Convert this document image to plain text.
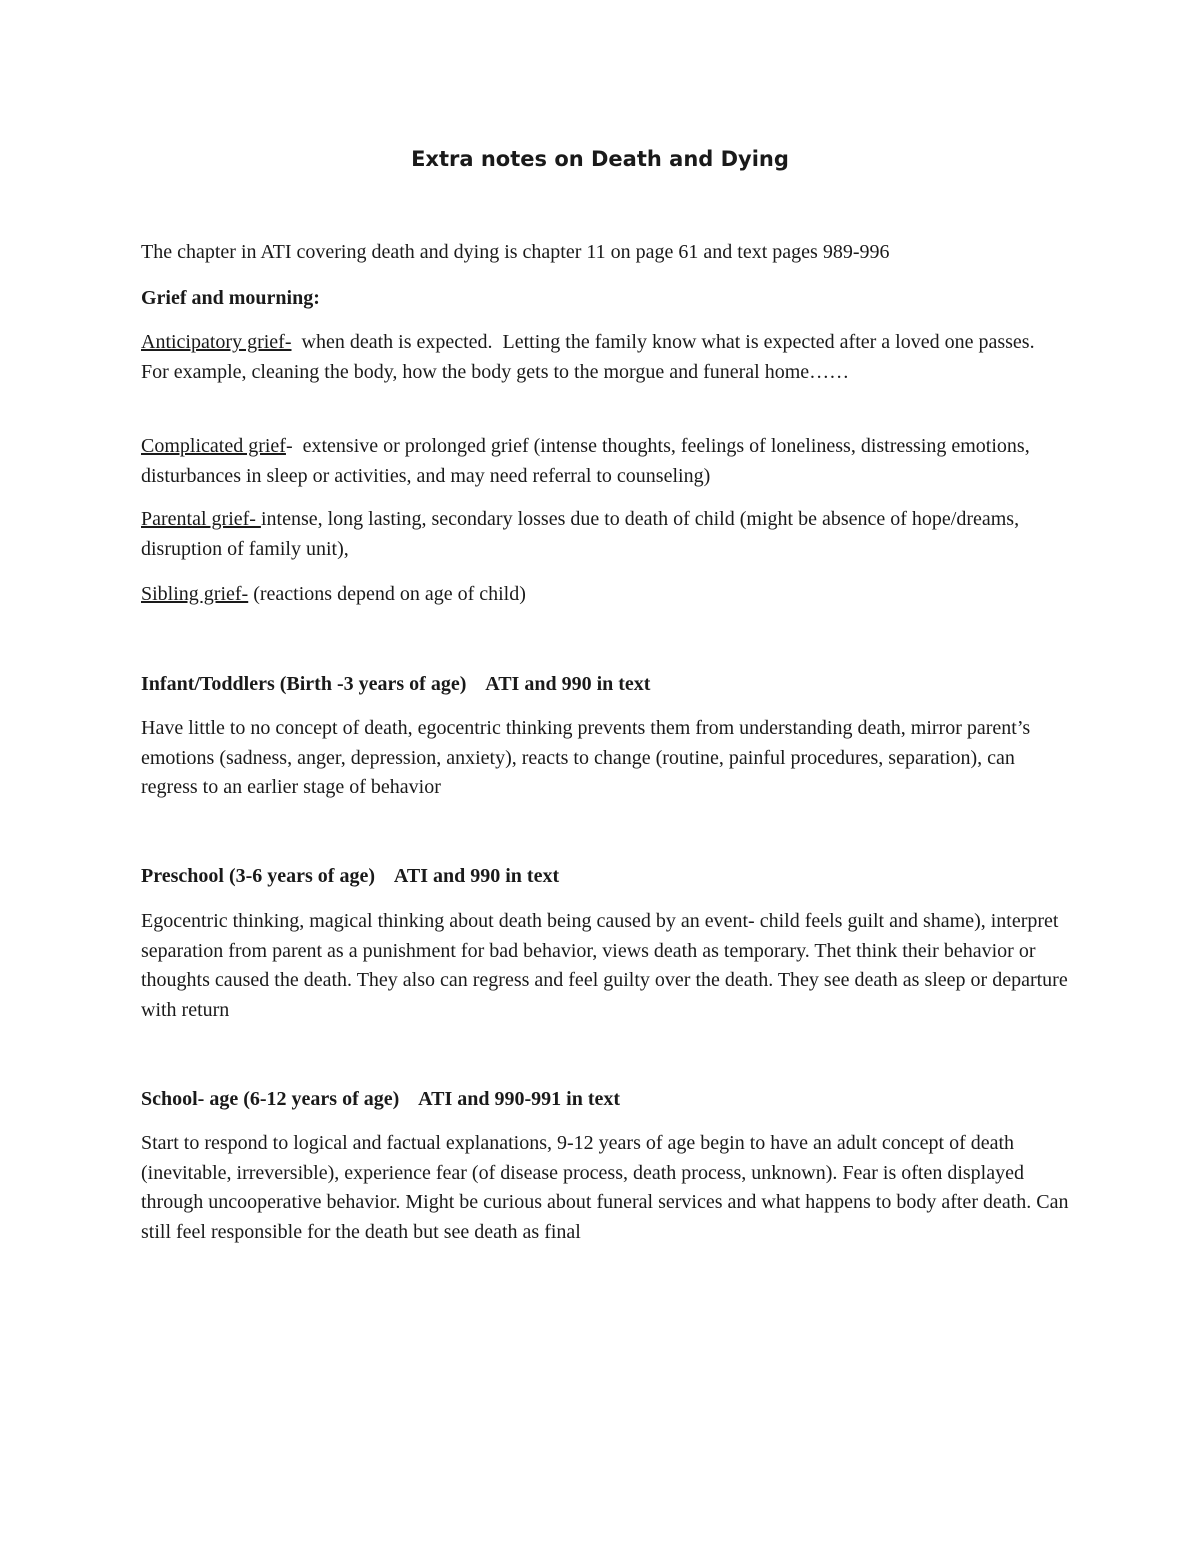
Extra notes on Death and Dying

The chapter in ATI covering death and dying is chapter 11 on page 61 and text pages 989-996

Grief and mourning:

Anticipatory grief-  when death is expected.  Letting the family know what is expected after a loved one passes.  For example, cleaning the body, how the body gets to the morgue and funeral home……

Complicated grief-  extensive or prolonged grief (intense thoughts, feelings of loneliness, distressing emotions, disturbances in sleep or activities, and may need referral to counseling)

Parental grief- intense, long lasting, secondary losses due to death of child (might be absence of hope/dreams, disruption of family unit),

Sibling grief- (reactions depend on age of child)

Infant/Toddlers (Birth -3 years of age)    ATI and 990 in text

Have little to no concept of death, egocentric thinking prevents them from understanding death, mirror parent’s emotions (sadness, anger, depression, anxiety), reacts to change (routine, painful procedures, separation), can regress to an earlier stage of behavior

Preschool (3-6 years of age)    ATI and 990 in text

Egocentric thinking, magical thinking about death being caused by an event- child feels guilt and shame), interpret separation from parent as a punishment for bad behavior, views death as temporary. Thet think their behavior or thoughts caused the death. They also can regress and feel guilty over the death. They see death as sleep or departure with return

School- age (6-12 years of age)    ATI and 990-991 in text

Start to respond to logical and factual explanations, 9-12 years of age begin to have an adult concept of death (inevitable, irreversible), experience fear (of disease process, death process, unknown). Fear is often displayed through uncooperative behavior. Might be curious about funeral services and what happens to body after death. Can still feel responsible for the death but see death as final
